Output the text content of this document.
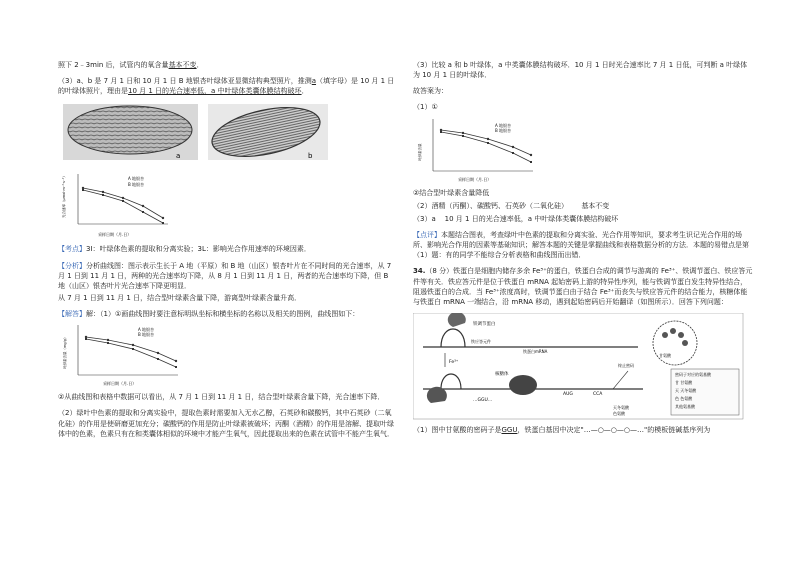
照下 2﹣3min 后，试管内的氧含量基本不变．

（3）a、b 是 7 月 1 日和 10 月 1 日 B 地银杏叶绿体亚显微结构典型照片，推测a（填字母）是 10 月 1 日
的叶绿体照片，理由是10 月 1 日的光合速率低，a 中叶绿体类囊体膜结构破坏．

a	b
A 地银杏
B 地银杏
采样日期（月.日）
光合速率（μmol·m⁻²·s⁻¹）

【考点】3I：叶绿体色素的提取和分离实验；3L：影响光合作用速率的环境因素．

【分析】分析曲线图：图示表示生长于 A 地（平原）和 B 地（山区）银杏叶片在不同时间的光合速率，从 7 月 1 日到 11 月 1 日，两种的光合速率均下降，从 8 月 1 日到 11 月 1 日，两者的光合速率均下降，但 B 地（山区）银杏叶片光合速率下降更明显．

从 7 月 1 日到 11 月 1 日，结合型叶绿素含量下降，游离型叶绿素含量升高．

【解答】解：（1）①画曲线图时要注意标明纵坐标和横坐标的名称以及相关的图例，曲线图如下：

A 地银杏
B 地银杏
采样日期（月.日）
叶绿素含量（mg/g）

②从曲线图和表格中数据可以看出，从 7 月 1 日到 11 月 1 日，结合型叶绿素含量下降，光合速率下降．

（2）绿叶中色素的提取和分离实验中，提取色素时需要加入无水乙醇，石英砂和碳酸钙，其中石英砂（二氧化硅）的作用是使研磨更加充分；碳酸钙的作用是防止叶绿素被破坏；丙酮（酒精）的作用是溶解、提取叶绿体中的色素，色素只有在和类囊体相似的环境中才能产生氧气，因此提取出来的色素在试管中不能产生氧气．

（3）比较 a 和 b 叶绿体，a 中类囊体膜结构破坏．10 月 1 日时光合速率比 7 月 1 日低，可判断 a 叶绿体为 10 月 1 日的叶绿体．

故答案为：

（1）①

A 地银杏
B 地银杏
采样日期（月.日）
叶绿素含量

②结合型叶绿素含量降低

（2）酒精（丙酮）、碳酸钙、石英砂（二氧化硅） 基本不变

（3）a 10 月 1 日的光合速率低，a 中叶绿体类囊体膜结构破坏

【点评】本题结合图表，考查绿叶中色素的提取和分离实验、光合作用等知识，要求考生识记光合作用的场所、影响光合作用的因素等基础知识；解答本题的关键是掌握曲线和表格数据分析的方法．本题的易错点是第（1）题：有的同学不能综合分析表格和曲线图而出错．

34.（8 分）铁蛋白是细胞内储存多余 Fe³⁺的蛋白，铁蛋白合成的调节与游离的 Fe³⁺、铁调节蛋白、铁应答元件等有关．铁应答元件是位于铁蛋白 mRNA 起始密码上游的特异性序列，能与铁调节蛋白发生特异性结合，阻遏铁蛋白的合成．当 Fe³⁺浓度高时，铁调节蛋白由于结合 Fe³⁺而丧失与铁应答元件的结合能力，核糖体能与铁蛋白 mRNA 一端结合，沿 mRNA 移动，遇到起始密码后开始翻译（如图所示）．回答下列问题：

铁调节蛋白
铁应答元件
铁蛋白mRNA
Fe³⁺
核糖体
…GGU…
AUG	CCA
终止密码
甘氨酸
密码子对应的氨基酸
甘 甘氨酸
天 天冬氨酸
色 色氨酸
其他氨基酸
天冬氨酸
色氨酸

（1）图中甘氨酸的密码子是GGU，铁蛋白基因中决定"…—○—○—○—…"的模板链碱基序列为
